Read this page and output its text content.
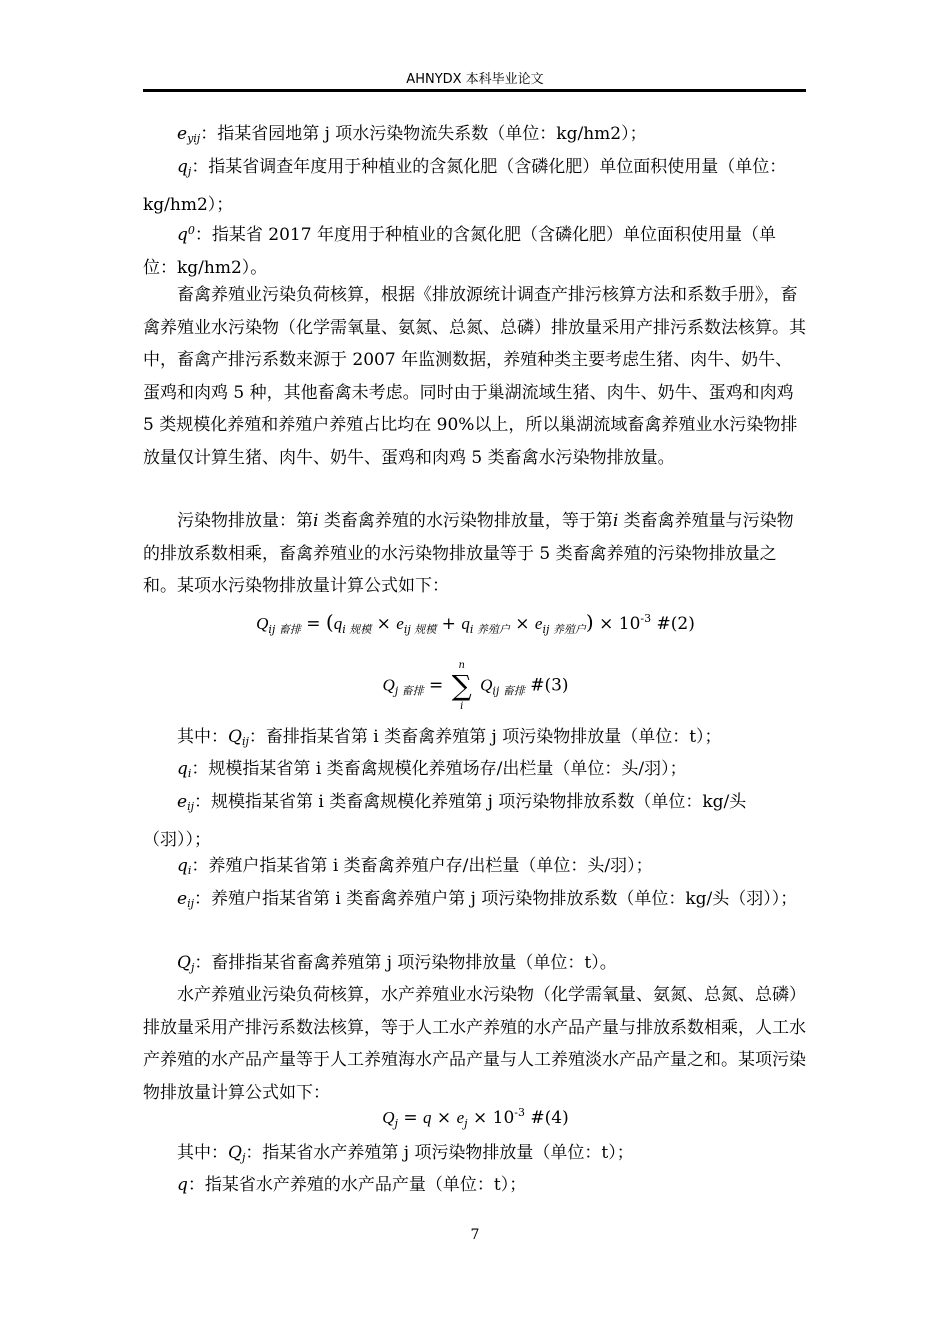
AHNYDX 本科毕业论文

eyij：指某省园地第 j 项水污染物流失系数（单位：kg/hm2）；

qj：指某省调查年度用于种植业的含氮化肥（含磷化肥）单位面积使用量（单位：kg/hm2）；

$q^0$：指某省 2017 年度用于种植业的含氮化肥（含磷化肥）单位面积使用量（单位：kg/hm2）。

畜禽养殖业污染负荷核算，根据《排放源统计调查产排污核算方法和系数手册》，畜禽养殖业水污染物（化学需氧量、氨氮、总氮、总磷）排放量采用产排污系数法核算。其中，畜禽产排污系数来源于 2007 年监测数据，养殖种类主要考虑生猪、肉牛、奶牛、蛋鸡和肉鸡 5 种，其他畜禽未考虑。同时由于巢湖流域生猪、肉牛、奶牛、蛋鸡和肉鸡 5 类规模化养殖和养殖户养殖占比均在 90%以上，所以巢湖流域畜禽养殖业水污染物排放量仅计算生猪、肉牛、奶牛、蛋鸡和肉鸡 5 类畜禽水污染物排放量。

污染物排放量：第i 类畜禽养殖的水污染物排放量，等于第i 类畜禽养殖量与污染物的排放系数相乘，畜禽养殖业的水污染物排放量等于 5 类畜禽养殖的污染物排放量之和。某项水污染物排放量计算公式如下：

$Q_{ij 畜排} = (q_{i 规模} \times e_{ij 规模} + q_{i 养殖户} \times e_{ij 养殖户}) \times 10^{-3}$ #(2)

$Q_{j 畜排}$ =
n
∑
i
$Q_{ij 畜排}$ #(3)

其中：Qij：畜排指某省第 i 类畜禽养殖第 j 项污染物排放量（单位：t）；

qi：规模指某省第 i 类畜禽规模化养殖场存/出栏量（单位：头/羽）；

eij：规模指某省第 i 类畜禽规模化养殖第 j 项污染物排放系数（单位：kg/头（羽））；

qi：养殖户指某省第 i 类畜禽养殖户存/出栏量（单位：头/羽）；

eij：养殖户指某省第 i 类畜禽养殖户第 j 项污染物排放系数（单位：kg/头（羽））；

Qj：畜排指某省畜禽养殖第 j 项污染物排放量（单位：t）。

水产养殖业污染负荷核算，水产养殖业水污染物（化学需氧量、氨氮、总氮、总磷）排放量采用产排污系数法核算，等于人工水产养殖的水产品产量与排放系数相乘，人工水产养殖的水产品产量等于人工养殖海水产品产量与人工养殖淡水产品产量之和。某项污染物排放量计算公式如下：

$Q_j = q \times e_j \times 10^{-3}$ #(4)

其中：Qj：指某省水产养殖第 j 项污染物排放量（单位：t）；

q：指某省水产养殖的水产品产量（单位：t）；

7
